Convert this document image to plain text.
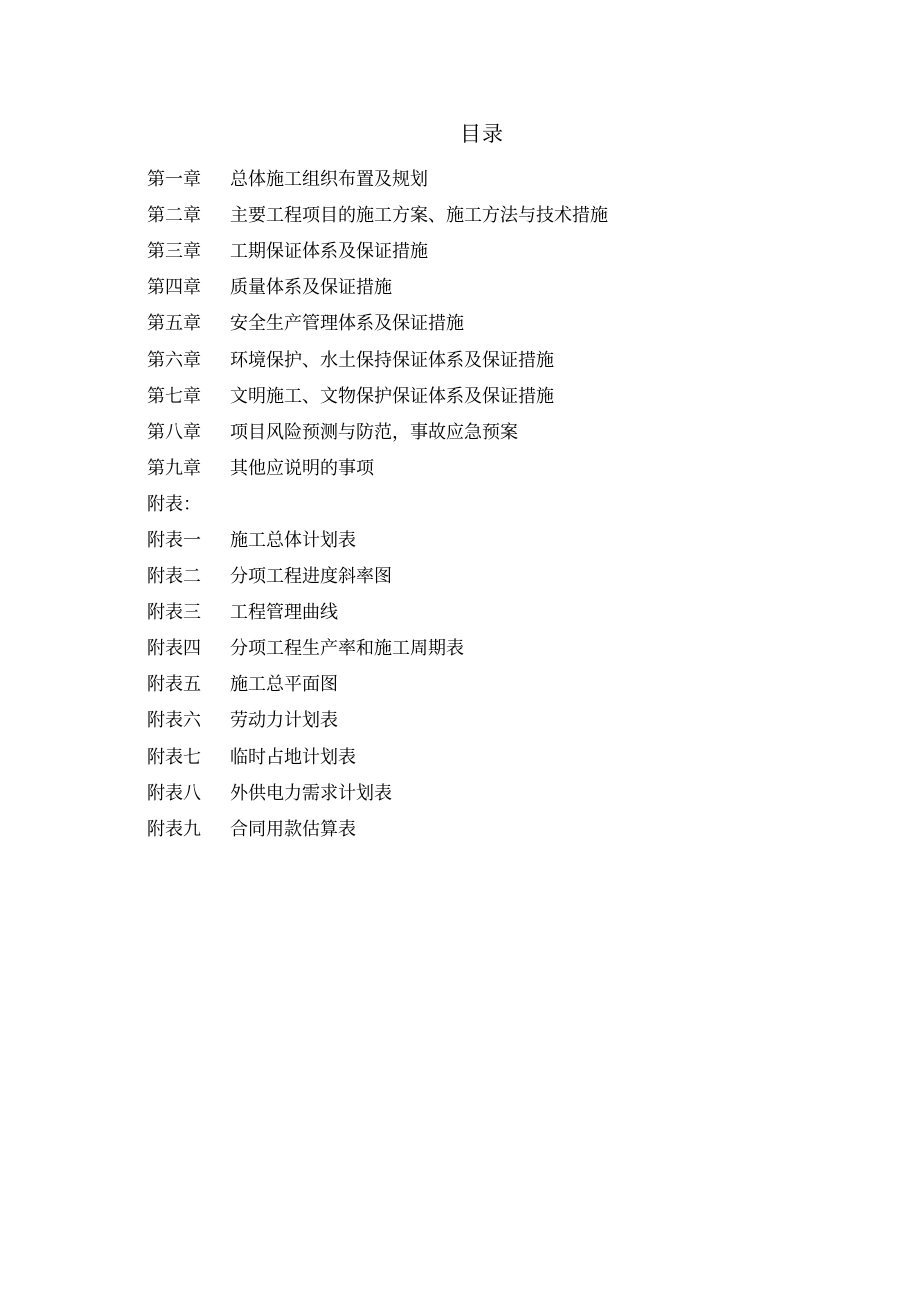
目录
第一章	总体施工组织布置及规划
第二章	主要工程项目的施工方案、施工方法与技术措施
第三章	工期保证体系及保证措施
第四章	质量体系及保证措施
第五章	安全生产管理体系及保证措施
第六章	环境保护、水土保持保证体系及保证措施
第七章	文明施工、文物保护保证体系及保证措施
第八章	项目风险预测与防范，事故应急预案
第九章	其他应说明的事项
附表：
附表一	施工总体计划表
附表二	分项工程进度斜率图
附表三	工程管理曲线
附表四	分项工程生产率和施工周期表
附表五	施工总平面图
附表六	劳动力计划表
附表七	临时占地计划表
附表八	外供电力需求计划表
附表九	合同用款估算表
